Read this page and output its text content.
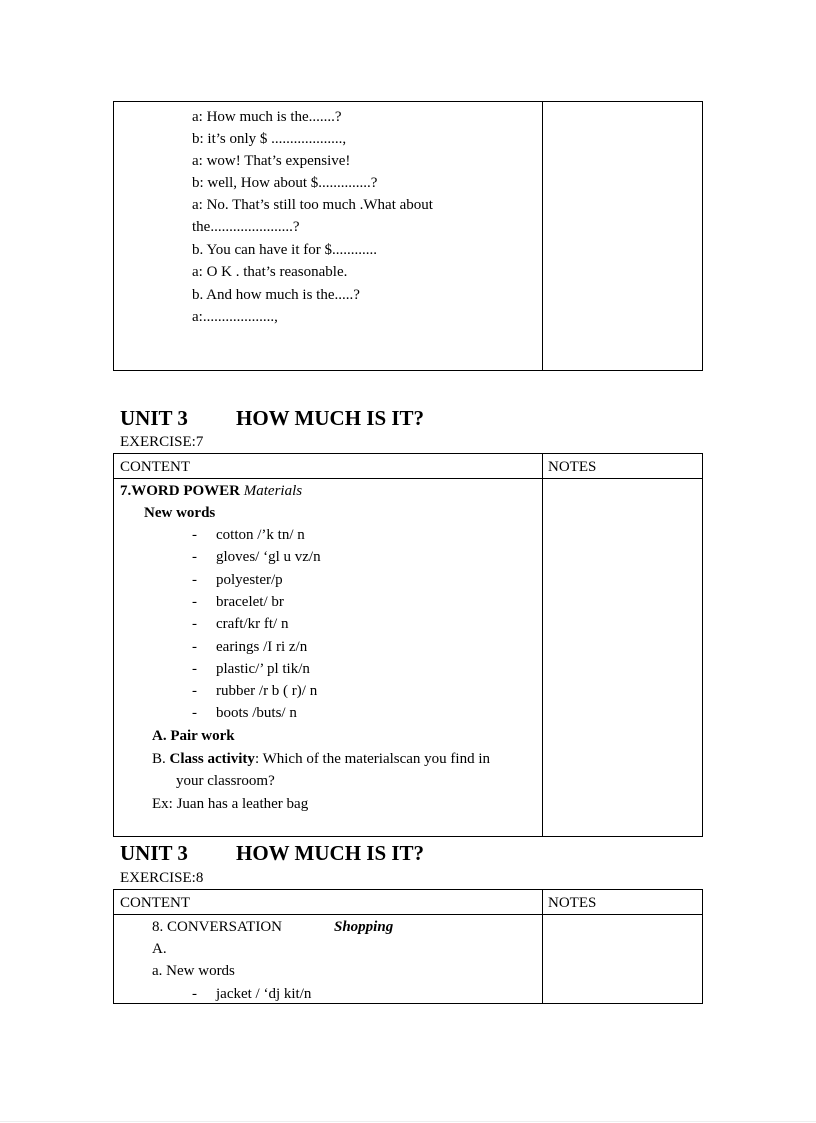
a: How much is the.......?
b: it’s only $ ...................,
a: wow! That’s expensive!
b: well, How about $..............?
a: No. That’s still too much .What about
the......................?
b. You can have it for $............
a: O K . that’s reasonable.
b. And how much is the.....?
a:...................,
UNIT 3 HOW MUCH IS IT?
EXERCISE:7
CONTENT	NOTES
7.WORD POWER Materials
New words
- cotton /’k tn/ n
- gloves/ ‘gl u vz/n
- polyester/p
- bracelet/ br
- craft/kr ft/ n
- earings /I ri z/n
- plastic/’ pl tik/n
- rubber /r b ( r)/ n
- boots /buts/ n
A. Pair work
B. Class activity: Which of the materialscan you find in
your classroom?
Ex: Juan has a leather bag
UNIT 3 HOW MUCH IS IT?
EXERCISE:8
CONTENT	NOTES
8. CONVERSATION	Shopping
A.
a. New words
- jacket / ‘dj kit/n
